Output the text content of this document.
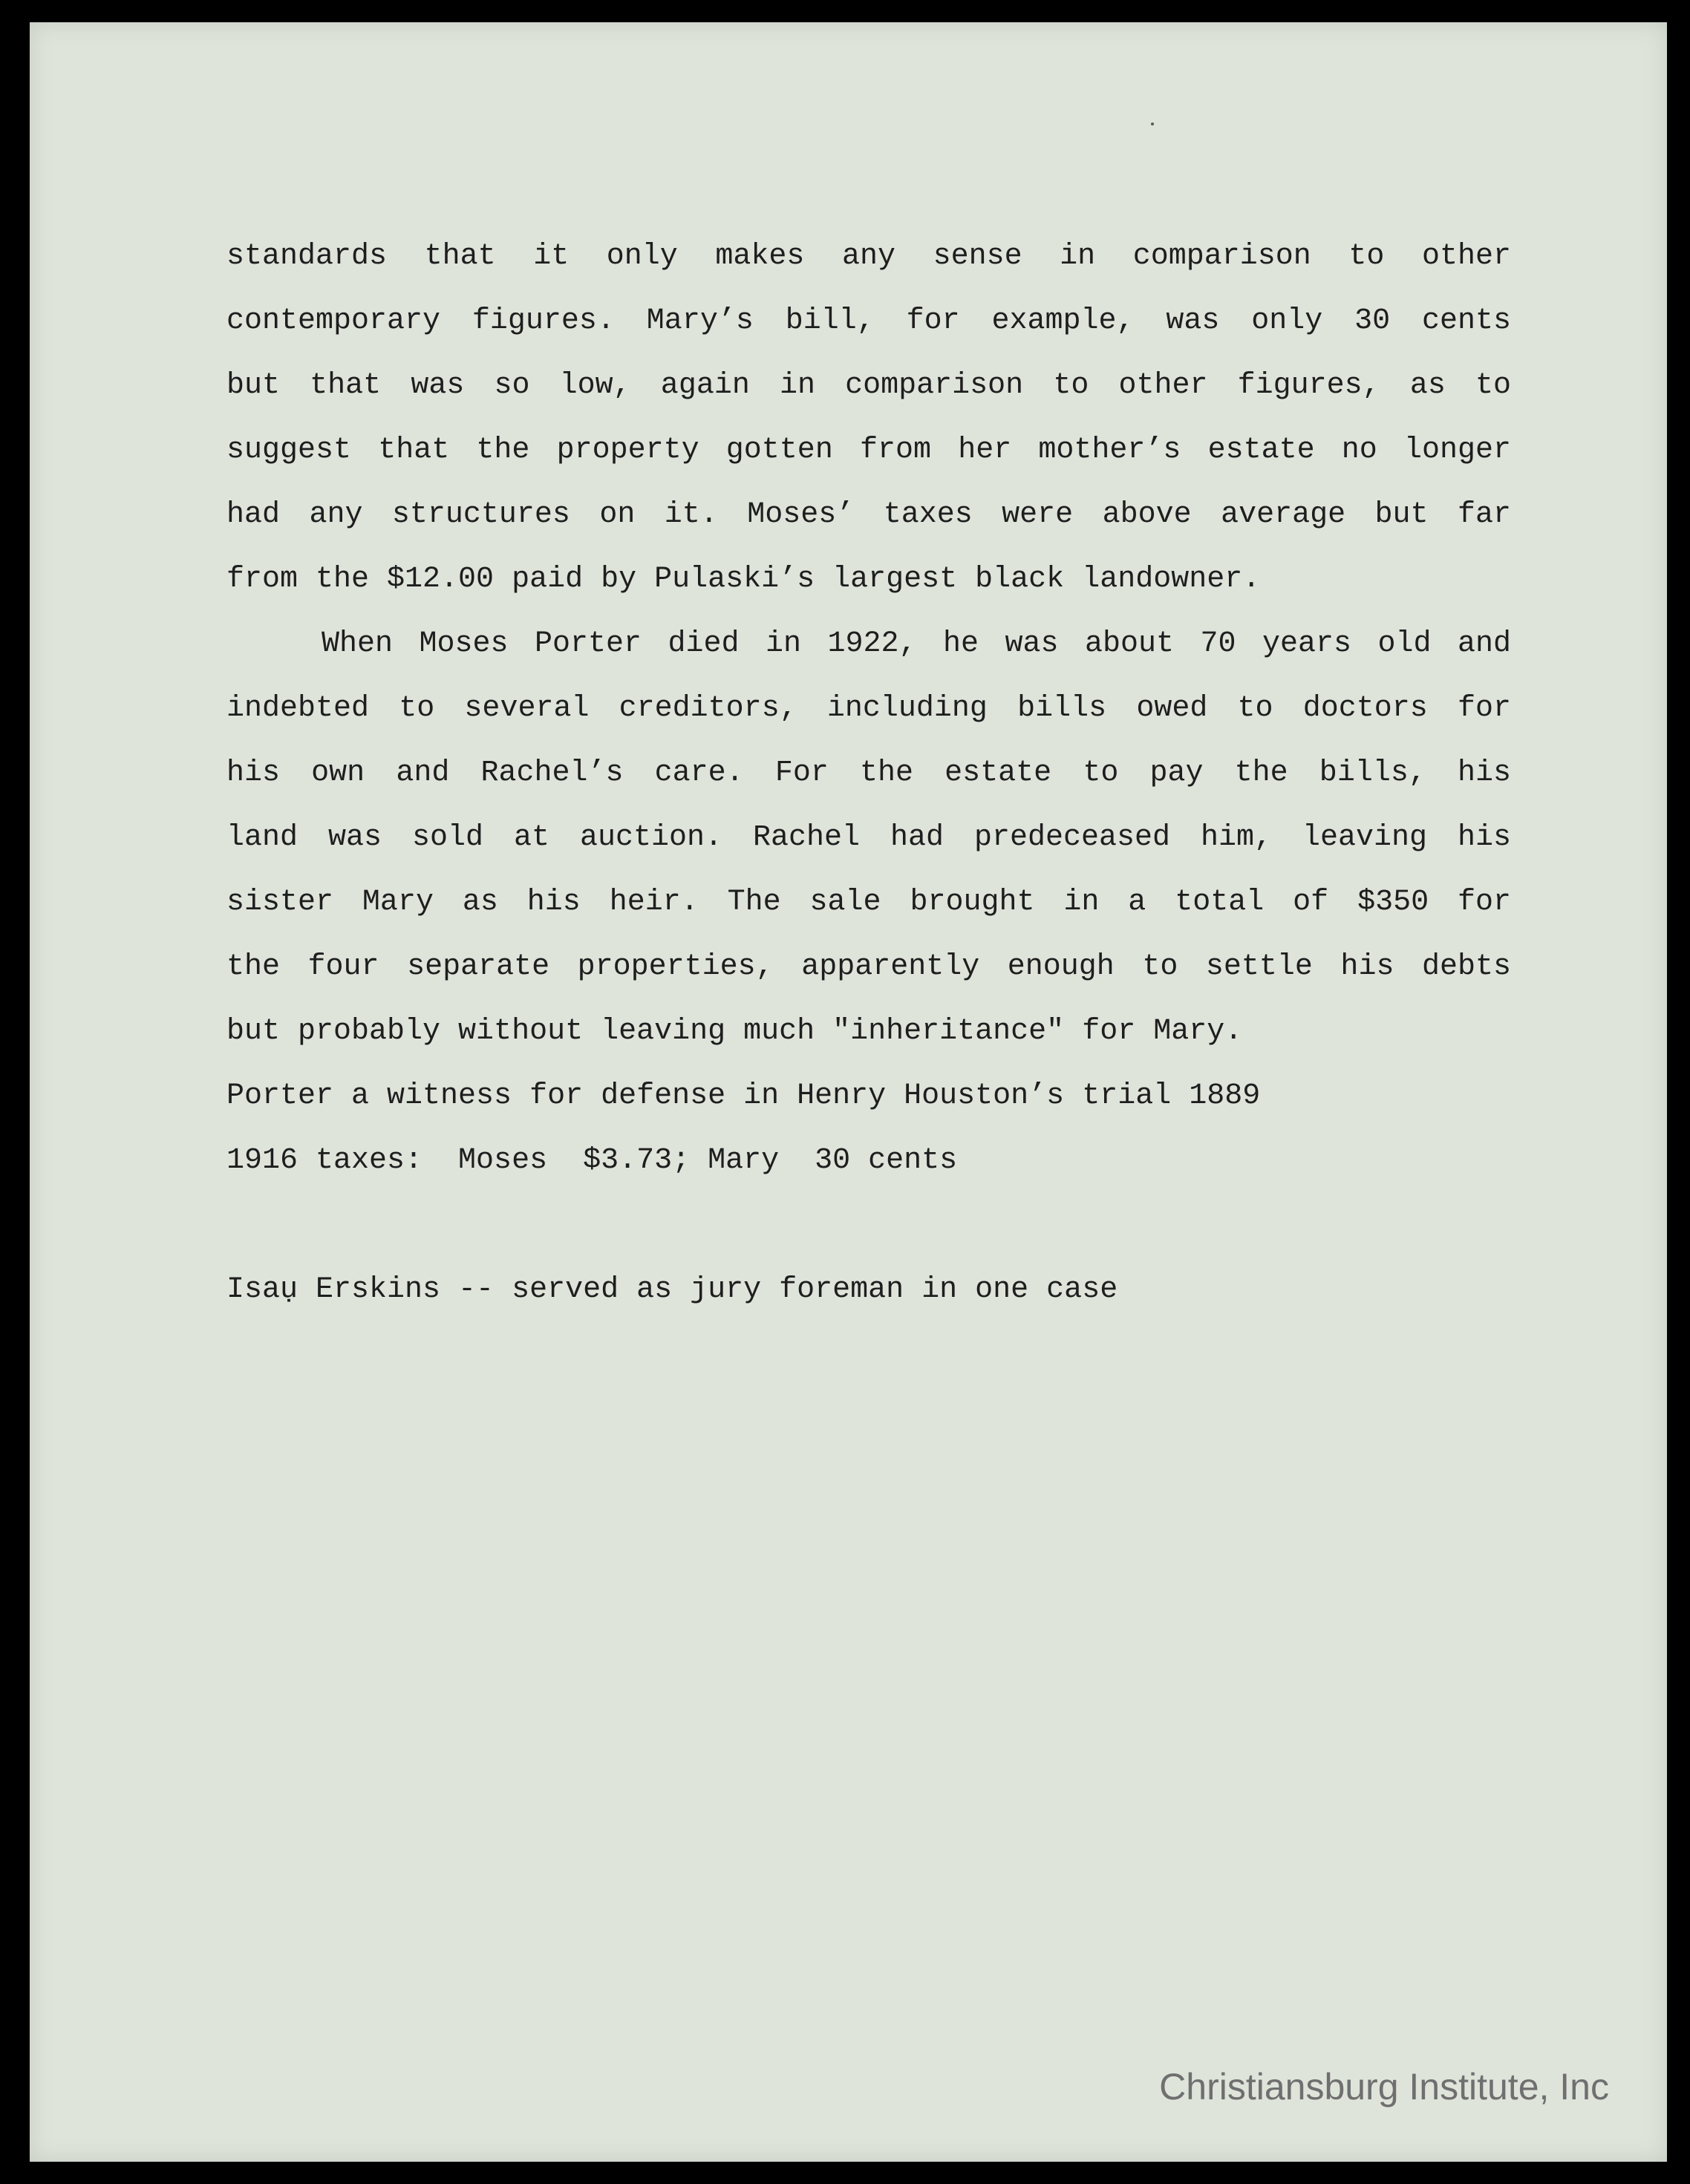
standards that it only makes any sense in comparison to other
contemporary figures. Mary’s bill, for example, was only 30 cents
but that was so low, again in comparison to other figures, as to
suggest that the property gotten from her mother’s estate no longer
had any structures on it. Moses’ taxes were above average but far
from the $12.00 paid by Pulaski’s largest black landowner.
When Moses Porter died in 1922, he was about 70 years old and
indebted to several creditors, including bills owed to doctors for
his own and Rachel’s care. For the estate to pay the bills, his
land was sold at auction. Rachel had predeceased him, leaving his
sister Mary as his heir. The sale brought in a total of $350 for
the four separate properties, apparently enough to settle his debts
but probably without leaving much "inheritance" for Mary.
Porter a witness for defense in Henry Houston’s trial 1889
1916 taxes:  Moses  $3.73; Mary  30 cents
Isaụ Erskins -- served as jury foreman in one case
Christiansburg Institute, Inc
